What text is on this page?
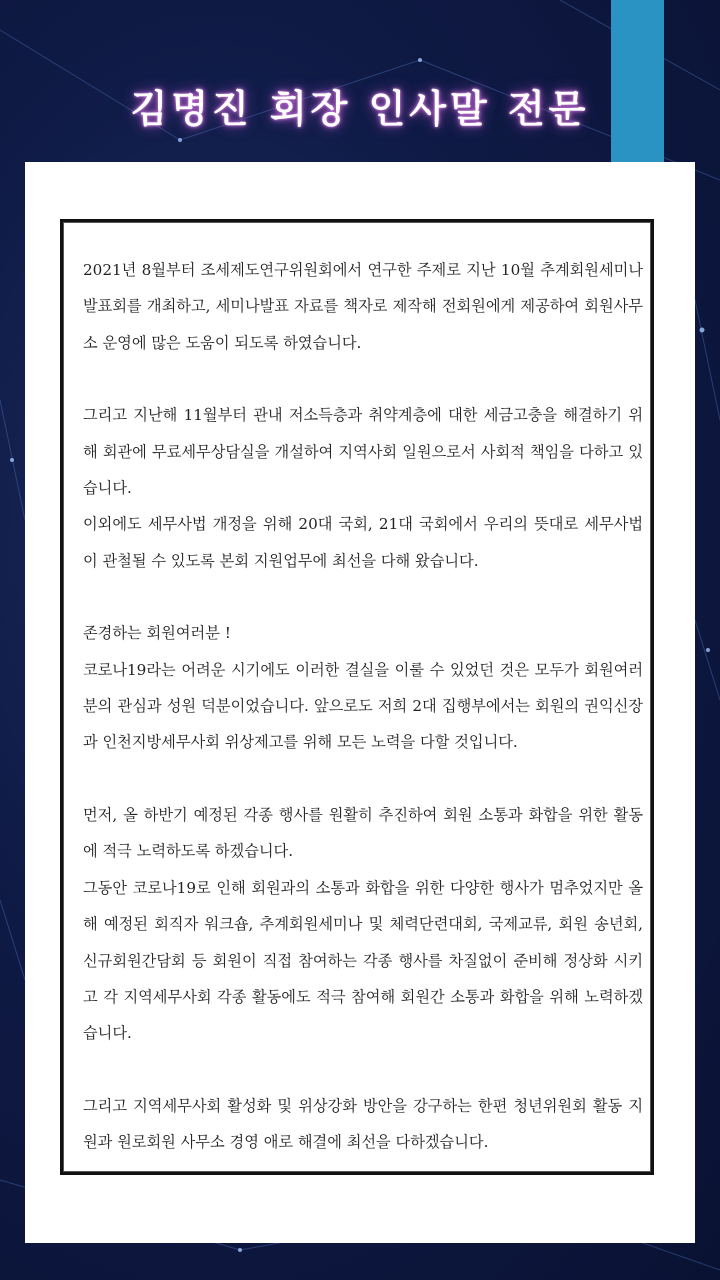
김명진 회장 인사말 전문

2021년 8월부터 조세제도연구위원회에서 연구한 주제로 지난 10월 추계회원세미나 발표회를 개최하고, 세미나발표 자료를 책자로 제작해 전회원에게 제공하여 회원사무소 운영에 많은 도움이 되도록 하였습니다.

그리고 지난해 11월부터 관내 저소득층과 취약계층에 대한 세금고충을 해결하기 위해 회관에 무료세무상담실을 개설하여 지역사회 일원으로서 사회적 책임을 다하고 있습니다.

이외에도 세무사법 개정을 위해 20대 국회, 21대 국회에서 우리의 뜻대로 세무사법이 관철될 수 있도록 본회 지원업무에 최선을 다해 왔습니다.

존경하는 회원여러분 !

코로나19라는 어려운 시기에도 이러한 결실을 이룰 수 있었던 것은 모두가 회원여러분의 관심과 성원 덕분이었습니다. 앞으로도 저희 2대 집행부에서는 회원의 권익신장과 인천지방세무사회 위상제고를 위해 모든 노력을 다할 것입니다.

먼저, 올 하반기 예정된 각종 행사를 원활히 추진하여 회원 소통과 화합을 위한 활동에 적극 노력하도록 하겠습니다.

그동안 코로나19로 인해 회원과의 소통과 화합을 위한 다양한 행사가 멈추었지만 올해 예정된 회직자 워크숍, 추계회원세미나 및 체력단련대회, 국제교류, 회원 송년회, 신규회원간담회 등 회원이 직접 참여하는 각종 행사를 차질없이 준비해 정상화 시키고 각 지역세무사회 각종 활동에도 적극 참여해 회원간 소통과 화합을 위해 노력하겠습니다.

그리고 지역세무사회 활성화 및 위상강화 방안을 강구하는 한편 청년위원회 활동 지원과 원로회원 사무소 경영 애로 해결에 최선을 다하겠습니다.
